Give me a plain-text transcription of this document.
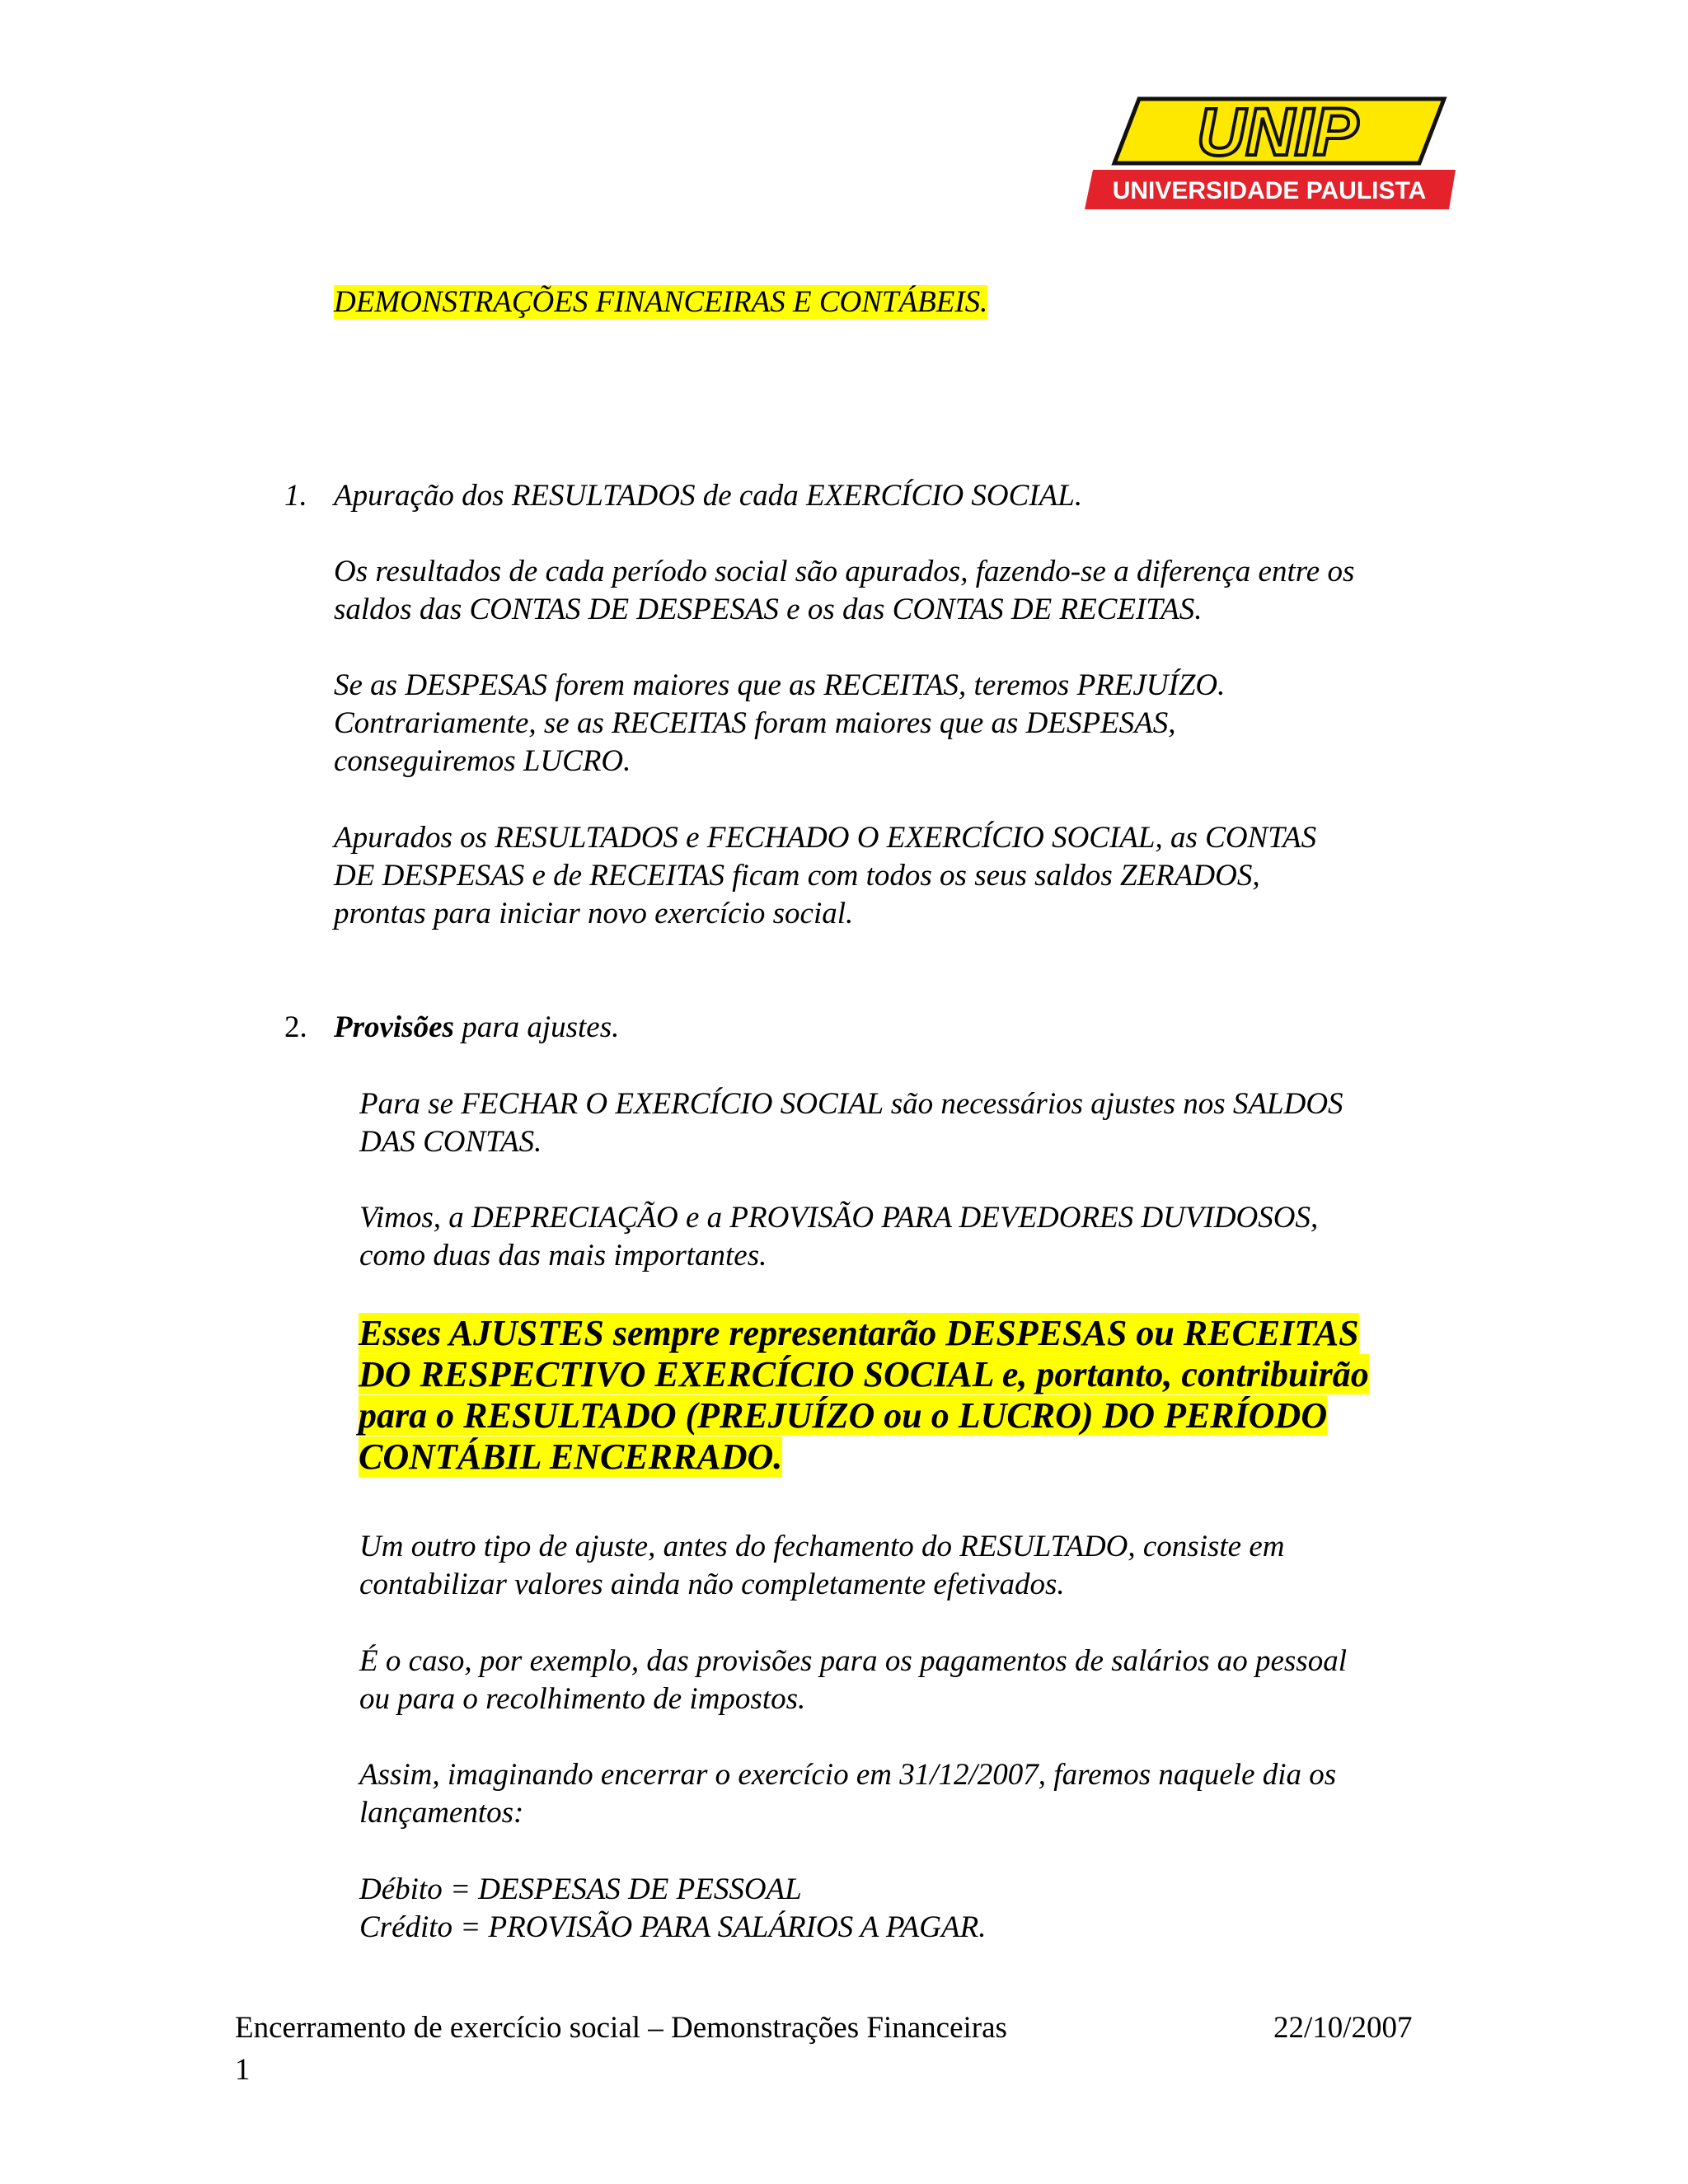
UNIP
UNIVERSIDADE PAULISTA

DEMONSTRAÇÕES FINANCEIRAS E CONTÁBEIS.

1. Apuração dos RESULTADOS de cada EXERCÍCIO SOCIAL.

Os resultados de cada período social são apurados, fazendo-se a diferença entre os

saldos das CONTAS DE DESPESAS e os das CONTAS DE RECEITAS.

Se as DESPESAS forem maiores que as RECEITAS, teremos PREJUÍZO.

Contrariamente, se as RECEITAS foram maiores que as DESPESAS,

conseguiremos LUCRO.

Apurados os RESULTADOS e FECHADO O EXERCÍCIO SOCIAL, as CONTAS

DE DESPESAS e de RECEITAS ficam com todos os seus saldos ZERADOS,

prontas para iniciar novo exercício social.

2. Provisões para ajustes.

Para se FECHAR O EXERCÍCIO SOCIAL são necessários ajustes nos SALDOS

DAS CONTAS.

Vimos, a DEPRECIAÇÃO e a PROVISÃO PARA DEVEDORES DUVIDOSOS,

como duas das mais importantes.

Esses AJUSTES sempre representarão DESPESAS ou RECEITAS
DO RESPECTIVO EXERCÍCIO SOCIAL e, portanto, contribuirão
para o RESULTADO (PREJUÍZO ou o LUCRO) DO PERÍODO
CONTÁBIL ENCERRADO.

Um outro tipo de ajuste, antes do fechamento do RESULTADO, consiste em

contabilizar valores ainda não completamente efetivados.

É o caso, por exemplo, das provisões para os pagamentos de salários ao pessoal

ou para o recolhimento de impostos.

Assim, imaginando encerrar o exercício em 31/12/2007, faremos naquele dia os

lançamentos:

Débito = DESPESAS DE PESSOAL

Crédito = PROVISÃO PARA SALÁRIOS A PAGAR.

Encerramento de exercício social – Demonstrações Financeiras	22/10/2007

1
